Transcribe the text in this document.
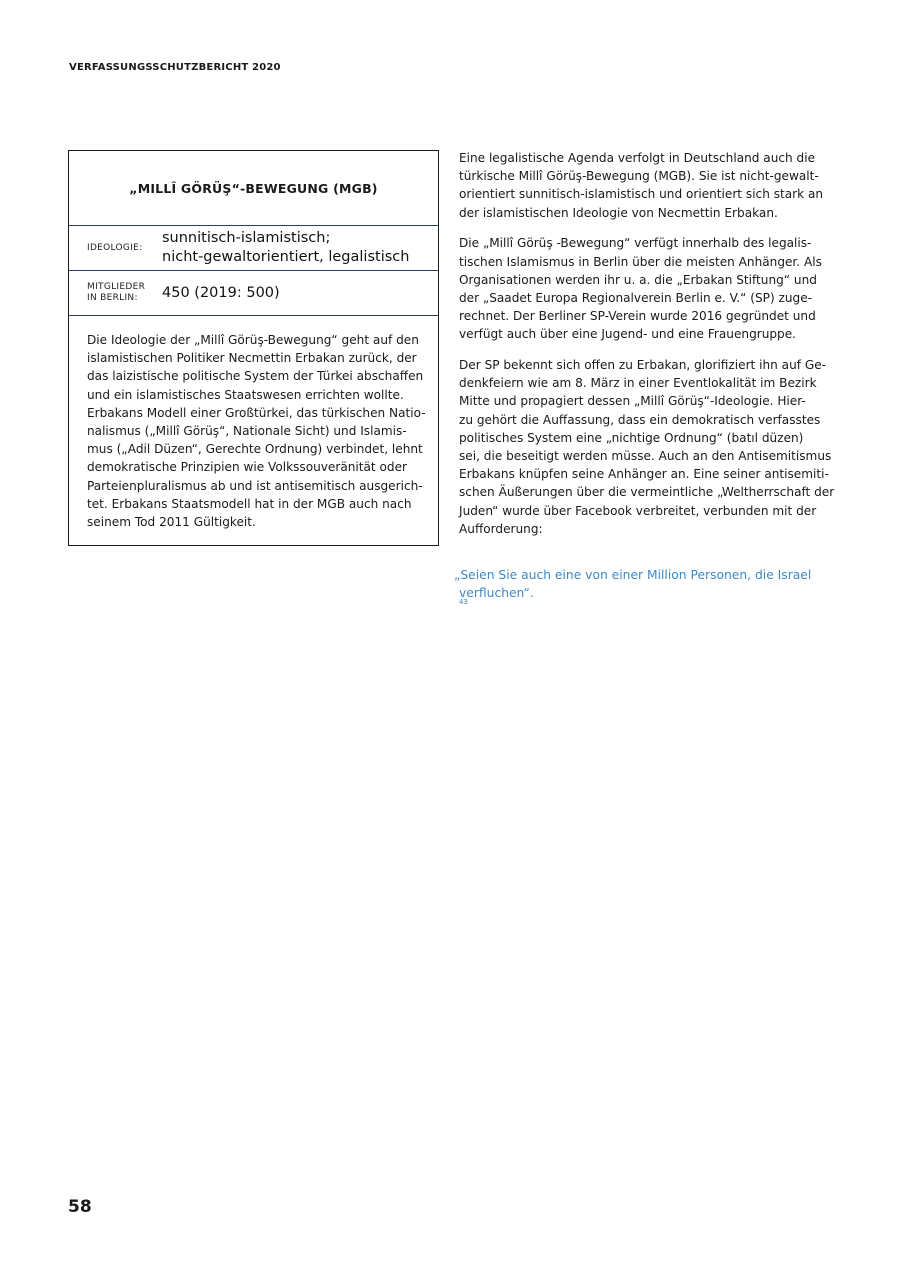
VERFASSUNGSSCHUTZBERICHT 2020
„MILLÎ GÖRÜŞ“-BEWEGUNG (MGB)
IDEOLOGIE:
sunnitisch-islamistisch;
nicht-gewaltorientiert, legalistisch
MITGLIEDER
IN BERLIN:	450 (2019: 500)
Die Ideologie der „Millî Görüş-Bewegung“ geht auf den
islamistischen Politiker Necmettin Erbakan zurück, der
das laizistische politische System der Türkei abschaffen
und ein islamistisches Staatswesen errichten wollte.
Erbakans Modell einer Großtürkei, das türkischen Natio-
nalismus („Millî Görüş“, Nationale Sicht) und Islamis-
mus („Adil Düzen“, Gerechte Ordnung) verbindet, lehnt
demokratische Prinzipien wie Volkssouveränität oder
Parteienpluralismus ab und ist antisemitisch ausgerich-
tet. Erbakans Staatsmodell hat in der MGB auch nach
seinem Tod 2011 Gültigkeit.

Eine legalistische Agenda verfolgt in Deutschland auch die
türkische Millî Görüş-Bewegung (MGB). Sie ist nicht-gewalt-
orientiert sunnitisch-islamistisch und orientiert sich stark an
der islamistischen Ideologie von Necmettin Erbakan.

Die „Millî Görüş -Bewegung“ verfügt innerhalb des legalis-
tischen Islamismus in Berlin über die meisten Anhänger. Als
Organisationen werden ihr u. a. die „Erbakan Stiftung“ und
der „Saadet Europa Regionalverein Berlin e. V.“ (SP) zuge-
rechnet. Der Berliner SP-Verein wurde 2016 gegründet und
verfügt auch über eine Jugend- und eine Frauengruppe.

Der SP bekennt sich offen zu Erbakan, glorifiziert ihn auf Ge-
denkfeiern wie am 8. März in einer Eventlokalität im Bezirk
Mitte und propagiert dessen „Millî Görüş“-Ideologie. Hier-
zu gehört die Auffassung, dass ein demokratisch verfasstes
politisches System eine „nichtige Ordnung“ (batıl düzen)
sei, die beseitigt werden müsse. Auch an den Antisemitismus
Erbakans knüpfen seine Anhänger an. Eine seiner antisemiti-
schen Äußerungen über die vermeintliche „Weltherrschaft der
Juden“ wurde über Facebook verbreitet, verbunden mit der
Aufforderung:

„Seien Sie auch eine von einer Million Personen, die Israel
verfluchen“.
43
58
